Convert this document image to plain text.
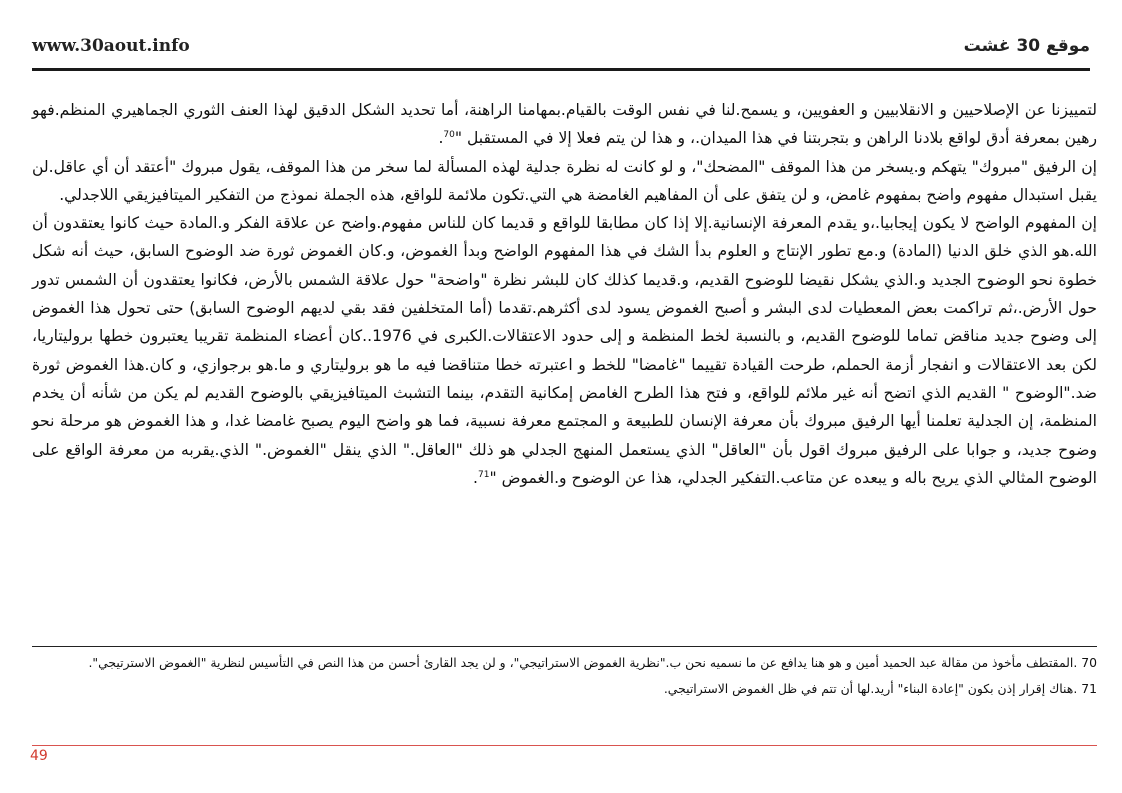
www.30aout.info	موقع 30 غشت

لتمييزنا عن الإصلاحيين و الانقلابيين و العفويين، و يسمح.لنا في نفس الوقت بالقيام.بمهامنا الراهنة، أما تحديد الشكل الدقيق لهذا العنف الثوري الجماهيري المنظم.فهو رهين بمعرفة أدق لواقع بلادنا الراهن و بتجربتنا في هذا الميدان.، و هذا لن يتم فعلا إلا في المستقبل "$^{70}$.

إن الرفيق "مبروك" يتهكم و.يسخر من هذا الموقف "المضحك"، و لو كانت له نظرة جدلية لهذه المسألة لما سخر من هذا الموقف، يقول مبروك "أعتقد أن أي عاقل.لن يقبل استبدال مفهوم واضح بمفهوم غامض، و لن يتفق على أن المفاهيم الغامضة هي التي.تكون ملائمة للواقع، هذه الجملة نموذج من التفكير الميتافيزيقي اللاجدلي.

إن المفهوم الواضح لا يكون إيجابيا.،و يقدم المعرفة الإنسانية.إلا إذا كان مطابقا للواقع و قديما كان للناس مفهوم.واضح عن علاقة الفكر و.المادة حيث كانوا يعتقدون أن الله.هو الذي خلق الدنيا (المادة) و.مع تطور الإنتاج و العلوم بدأ الشك في هذا المفهوم الواضح وبدأ الغموض، و.كان الغموض ثورة ضد الوضوح السابق، حيث أنه شكل خطوة نحو الوضوح الجديد و.الذي يشكل نقيضا للوضوح القديم، و.قديما كذلك كان للبشر نظرة "واضحة" حول علاقة الشمس بالأرض، فكانوا يعتقدون أن الشمس تدور حول الأرض.،ثم تراكمت بعض المعطيات لدى البشر و أصبح الغموض يسود لدى أكثرهم.تقدما (أما المتخلفين فقد بقي لديهم الوضوح السابق) حتى تحول هذا الغموض إلى وضوح جديد مناقض تماما للوضوح القديم، و بالنسبة لخط المنظمة و إلى حدود الاعتقالات.الكبرى في 1976..كان أعضاء المنظمة تقريبا يعتبرون خطها بروليتاريا، لكن بعد الاعتقالات و انفجار أزمة الحملم، طرحت القيادة تقييما "غامضا" للخط و اعتبرته خطا متناقضا فيه ما هو بروليتاري و ما.هو برجوازي، و كان.هذا الغموض ثورة ضد."الوضوح " القديم الذي اتضح أنه غير ملائم للواقع، و فتح هذا الطرح الغامض إمكانية التقدم، بينما التشبث الميتافيزيقي بالوضوح القديم لم يكن من شأنه أن يخدم المنظمة، إن الجدلية تعلمنا أيها الرفيق مبروك بأن معرفة الإنسان للطبيعة و المجتمع معرفة نسبية، فما هو واضح اليوم يصبح غامضا غدا، و هذا الغموض هو مرحلة نحو وضوح جديد، و جوابا على الرفيق مبروك اقول بأن "العاقل" الذي يستعمل المنهج الجدلي هو ذلك "العاقل." الذي ينقل "الغموض." الذي.يقربه من معرفة الواقع على الوضوح المثالي الذي يريح باله و يبعده عن متاعب.التفكير الجدلي، هذا عن الوضوح و.الغموض "$^{71}$.

70 .المقتطف مأخوذ من مقالة عبد الحميد أمين و هو هنا يدافع عن ما نسميه نحن ب."نظرية الغموض الاستراتيجي"، و لن يجد القارئ أحسن من هذا النص في التأسيس لنظرية "الغموض الاسترتيجي".

71 .هناك إقرار إذن بكون "إعادة البناء" أريد.لها أن تتم في ظل الغموض الاستراتيجي.

49
